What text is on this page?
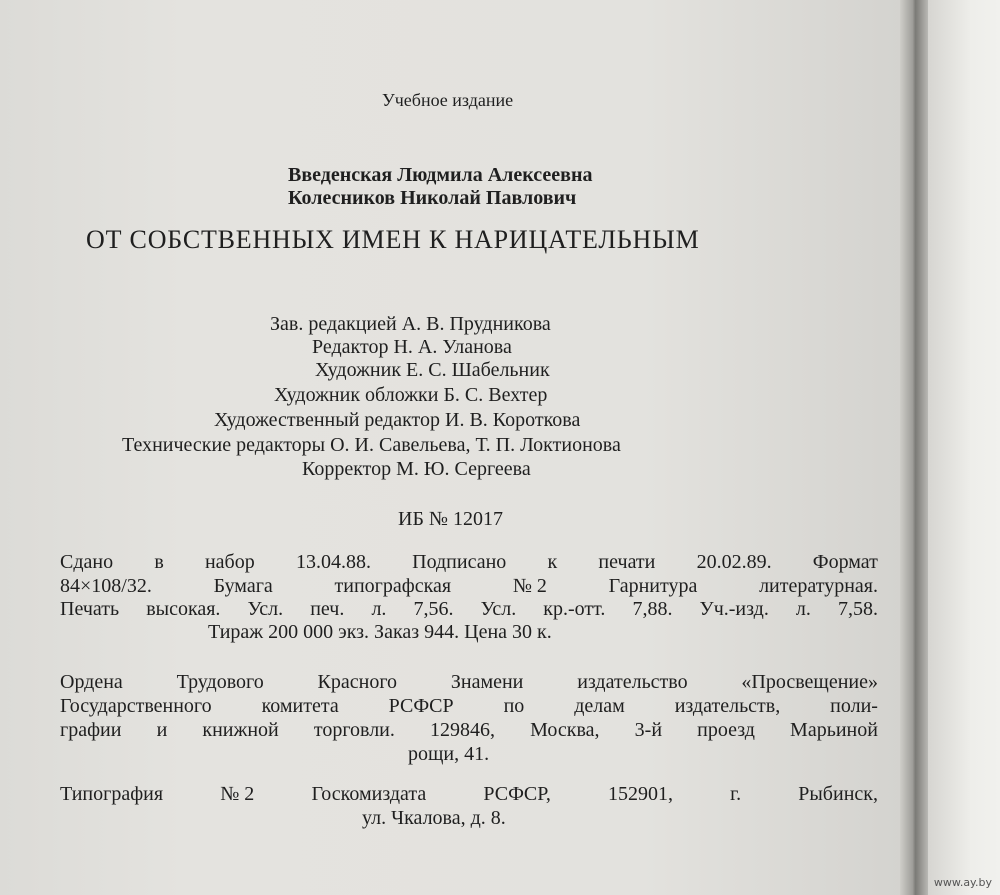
Учебное издание
Введенская Людмила Алексеевна
Колесников Николай Павлович
ОТ СОБСТВЕННЫХ ИМЕН К НАРИЦАТЕЛЬНЫМ
Зав. редакцией А. В. Прудникова
Редактор Н. А. Уланова
Художник Е. С. Шабельник
Художник обложки Б. С. Вехтер
Художественный редактор И. В. Короткова
Технические редакторы О. И. Савельева, Т. П. Локтионова
Корректор М. Ю. Сергеева
ИБ № 12017
Сдано в набор 13.04.88. Подписано к печати 20.02.89. Формат
84×108/32.	Бумага	типографская	№ 2	Гарнитура	литературная.
Печать высокая. Усл. печ. л. 7,56. Усл. кр.-отт. 7,88. Уч.-изд. л. 7,58.
Тираж 200 000 экз. Заказ 944. Цена 30 к.
Ордена	Трудового	Красного	Знамени	издательство	«Просвещение»
Государственного комитета РСФСР по делам издательств, поли-
графии и книжной торговли. 129846, Москва, 3-й проезд Марьиной
рощи, 41.
Типография	№ 2	Госкомиздата	РСФСР,	152901,	г.	Рыбинск,
ул. Чкалова, д. 8.
www.ay.by
